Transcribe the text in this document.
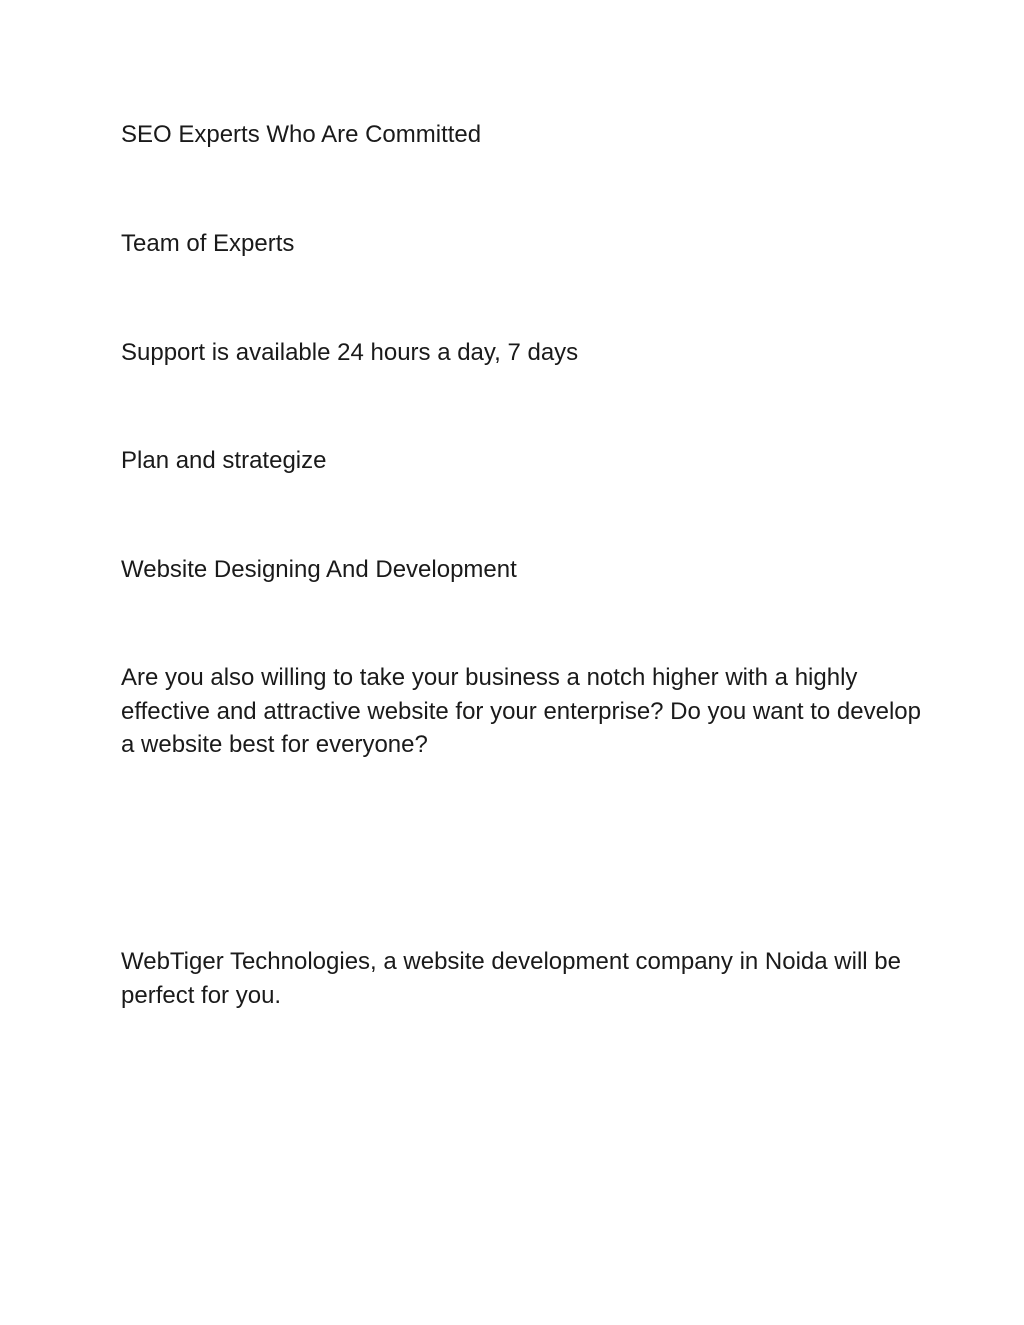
SEO Experts Who Are Committed

Team of Experts

Support is available 24 hours a day, 7 days

Plan and strategize

Website Designing And Development

Are you also willing to take your business a notch higher with a highly effective and attractive website for your enterprise? Do you want to develop a website best for everyone?

WebTiger Technologies, a website development company in Noida will be perfect for you.
